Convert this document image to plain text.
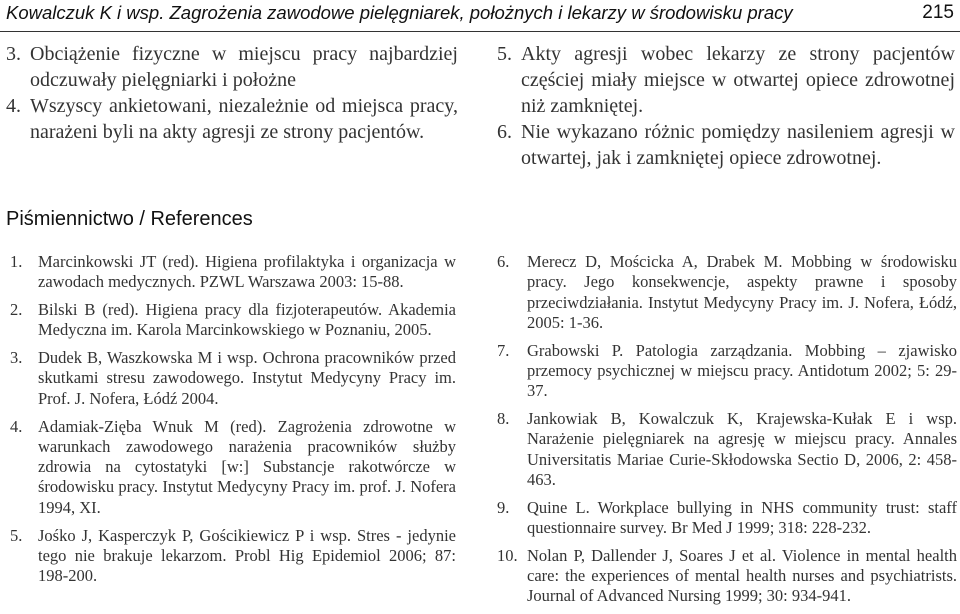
Kowalczuk K i wsp. Zagrożenia zawodowe pielęgniarek, położnych i lekarzy w środowisku pracy	215
3. Obciążenie fizyczne w miejscu pracy najbardziej odczuwały pielęgniarki i położne
4. Wszyscy ankietowani, niezależnie od miejsca pracy, narażeni byli na akty agresji ze strony pacjentów.
5. Akty agresji wobec lekarzy ze strony pacjentów częściej miały miejsce w otwartej opiece zdrowotnej niż zamkniętej.
6. Nie wykazano różnic pomiędzy nasileniem agresji w otwartej, jak i zamkniętej opiece zdrowotnej.
Piśmiennictwo / References
1. Marcinkowski JT (red). Higiena profilaktyka i organizacja w zawodach medycznych. PZWL Warszawa 2003: 15-88.
2. Bilski B (red). Higiena pracy dla fizjoterapeutów. Akademia Medyczna im. Karola Marcinkowskiego w Poznaniu, 2005.
3. Dudek B, Waszkowska M i wsp. Ochrona pracowników przed skutkami stresu zawodowego. Instytut Medycyny Pracy im. Prof. J. Nofera, Łódź 2004.
4. Adamiak-Zięba Wnuk M (red). Zagrożenia zdrowotne w warunkach zawodowego narażenia pracowników służby zdrowia na cytostatyki [w:] Substancje rakotwórcze w środowisku pracy. Instytut Medycyny Pracy im. prof. J. Nofera 1994, XI.
5. Jośko J, Kasperczyk P, Gościkiewicz P i wsp. Stres - jedynie tego nie brakuje lekarzom. Probl Hig Epidemiol 2006; 87: 198-200.
6. Merecz D, Mościcka A, Drabek M. Mobbing w środowisku pracy. Jego konsekwencje, aspekty prawne i sposoby przeciwdziałania. Instytut Medycyny Pracy im. J. Nofera, Łódź, 2005: 1-36.
7. Grabowski P. Patologia zarządzania. Mobbing – zjawisko przemocy psychicznej w miejscu pracy. Antidotum 2002; 5: 29-37.
8. Jankowiak B, Kowalczuk K, Krajewska-Kułak E i wsp. Narażenie pielęgniarek na agresję w miejscu pracy. Annales Universitatis Mariae Curie-Skłodowska Sectio D, 2006, 2: 458-463.
9. Quine L. Workplace bullying in NHS community trust: staff questionnaire survey. Br Med J 1999; 318: 228-232.
10. Nolan P, Dallender J, Soares J et al. Violence in mental health care: the experiences of mental health nurses and psychiatrists. Journal of Advanced Nursing 1999; 30: 934-941.
